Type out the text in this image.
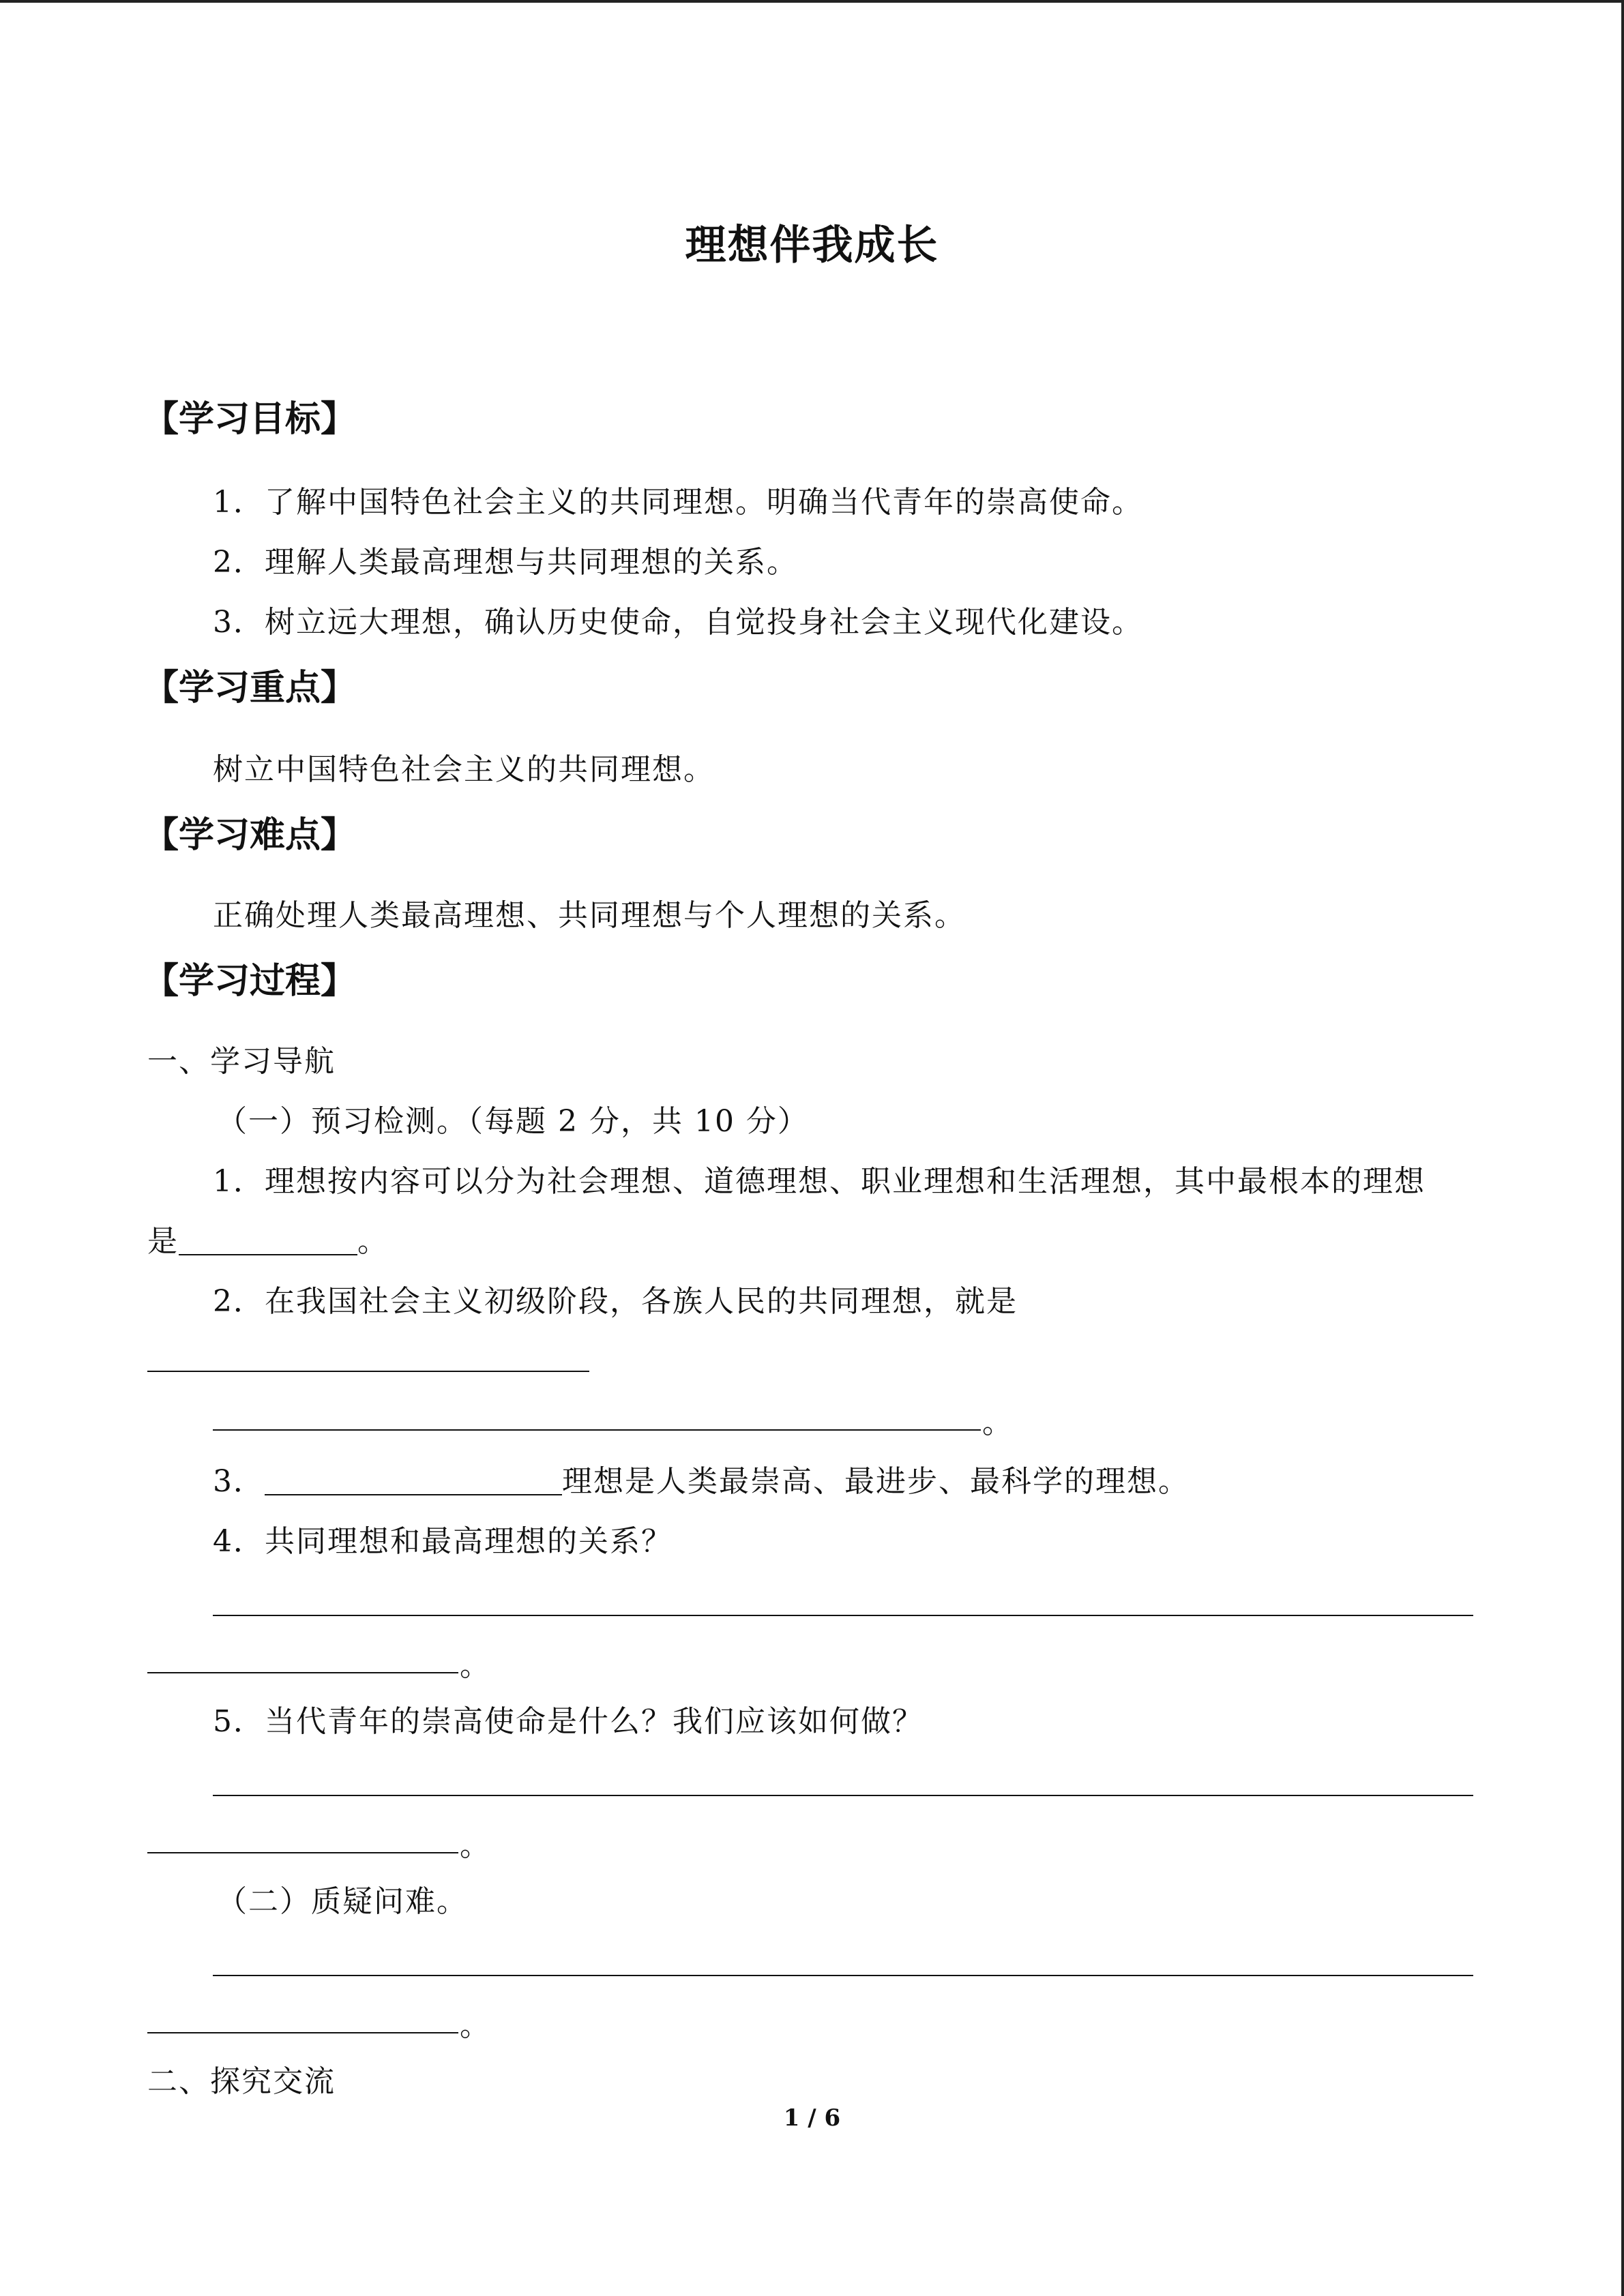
理想伴我成长
【学习目标】
1．了解中国特色社会主义的共同理想。明确当代青年的崇高使命。
2．理解人类最高理想与共同理想的关系。
3．树立远大理想，确认历史使命，自觉投身社会主义现代化建设。
【学习重点】
树立中国特色社会主义的共同理想。
【学习难点】
正确处理人类最高理想、共同理想与个人理想的关系。
【学习过程】
一、学习导航
（一）预习检测。（每题 2 分，共 10 分）
1．理想按内容可以分为社会理想、道德理想、职业理想和生活理想，其中最根本的理想
是	。
2．在我国社会主义初级阶段，各族人民的共同理想，就是
。
3．	理想是人类最崇高、最进步、最科学的理想。
4．共同理想和最高理想的关系？
。
5．当代青年的崇高使命是什么？我们应该如何做？
。
（二）质疑问难。
。
二、探究交流
1 / 6
